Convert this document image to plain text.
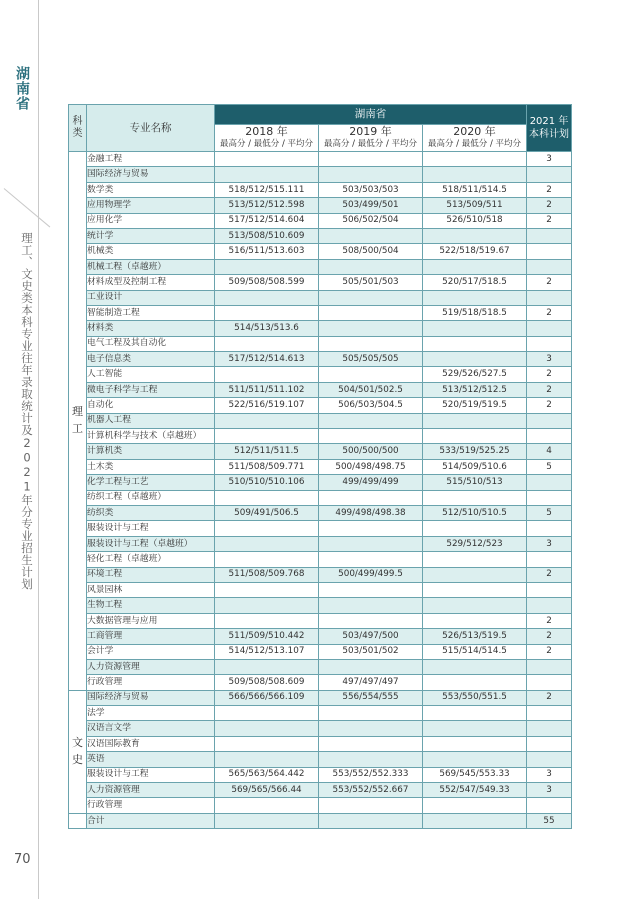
湖南省
理工、文史类本科专业往年录取统计及2021年分专业招生计划
70
科类	专业名称	湖南省			2021 年本科计划
		2018 年	2019 年	2020 年	
		最高分 / 最低分 / 平均分	最高分 / 最低分 / 平均分	最高分 / 最低分 / 平均分	
理工	金融工程				3
	国际经济与贸易				
	数学类	518/512/515.111	503/503/503	518/511/514.5	2
	应用物理学	513/512/512.598	503/499/501	513/509/511	2
	应用化学	517/512/514.604	506/502/504	526/510/518	2
	统计学	513/508/510.609			
	机械类	516/511/513.603	508/500/504	522/518/519.67	
	机械工程（卓越班）				
	材料成型及控制工程	509/508/508.599	505/501/503	520/517/518.5	2
	工业设计				
	智能制造工程			519/518/518.5	2
	材料类	514/513/513.6			
	电气工程及其自动化				
	电子信息类	517/512/514.613	505/505/505		3
	人工智能			529/526/527.5	2
	微电子科学与工程	511/511/511.102	504/501/502.5	513/512/512.5	2
	自动化	522/516/519.107	506/503/504.5	520/519/519.5	2
	机器人工程				
	计算机科学与技术（卓越班）				
	计算机类	512/511/511.5	500/500/500	533/519/525.25	4
	土木类	511/508/509.771	500/498/498.75	514/509/510.6	5
	化学工程与工艺	510/510/510.106	499/499/499	515/510/513	
	纺织工程（卓越班）				
	纺织类	509/491/506.5	499/498/498.38	512/510/510.5	5
	服装设计与工程				
	服装设计与工程（卓越班）			529/512/523	3
	轻化工程（卓越班）				
	环境工程	511/508/509.768	500/499/499.5		2
	风景园林				
	生物工程				
	大数据管理与应用				2
	工商管理	511/509/510.442	503/497/500	526/513/519.5	2
	会计学	514/512/513.107	503/501/502	515/514/514.5	2
	人力资源管理				
	行政管理	509/508/508.609	497/497/497		
文史	国际经济与贸易	566/566/566.109	556/554/555	553/550/551.5	2
	法学				
	汉语言文学				
	汉语国际教育				
	英语				
	服装设计与工程	565/563/564.442	553/552/552.333	569/545/553.33	3
	人力资源管理	569/565/566.44	553/552/552.667	552/547/549.33	3
	行政管理				
	合计				55
